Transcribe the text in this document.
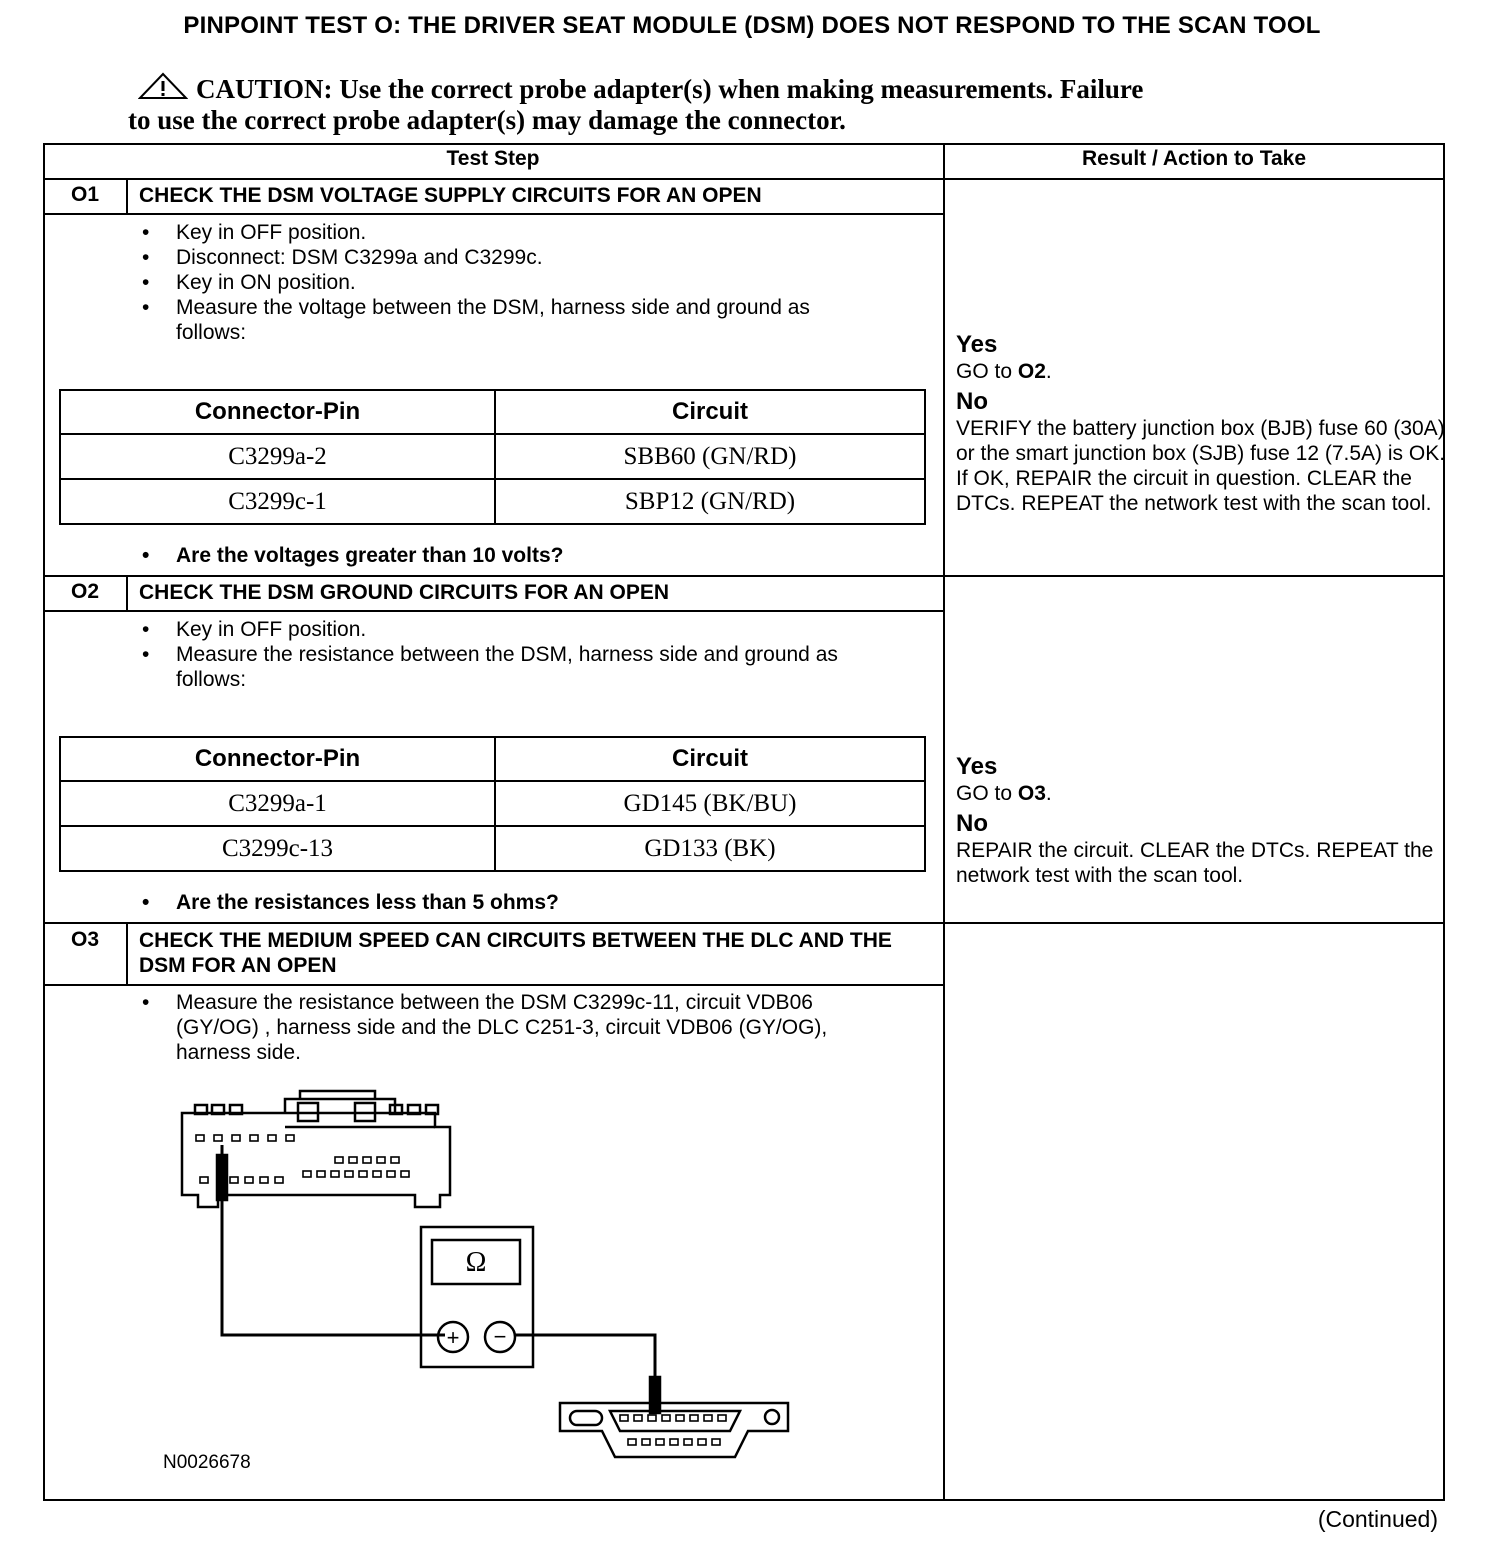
PINPOINT TEST O: THE DRIVER SEAT MODULE (DSM) DOES NOT RESPOND TO THE SCAN TOOL
CAUTION: Use the correct probe adapter(s) when making measurements. Failure
to use the correct probe adapter(s) may damage the connector.
Test Step	Result / Action to Take
O1	CHECK THE DSM VOLTAGE SUPPLY CIRCUITS FOR AN OPEN
• Key in OFF position.
• Disconnect: DSM C3299a and C3299c.
• Key in ON position.
• Measure the voltage between the DSM, harness side and ground as follows:
Connector-Pin	Circuit
C3299a-2	SBB60 (GN/RD)
C3299c-1	SBP12 (GN/RD)
• Are the voltages greater than 10 volts?
Yes
GO to O2.
No
VERIFY the battery junction box (BJB) fuse 60 (30A) or the smart junction box (SJB) fuse 12 (7.5A) is OK. If OK, REPAIR the circuit in question. CLEAR the DTCs. REPEAT the network test with the scan tool.
O2	CHECK THE DSM GROUND CIRCUITS FOR AN OPEN
• Key in OFF position.
• Measure the resistance between the DSM, harness side and ground as follows:
Connector-Pin	Circuit
C3299a-1	GD145 (BK/BU)
C3299c-13	GD133 (BK)
• Are the resistances less than 5 ohms?
Yes
GO to O3.
No
REPAIR the circuit. CLEAR the DTCs. REPEAT the network test with the scan tool.
O3	CHECK THE MEDIUM SPEED CAN CIRCUITS BETWEEN THE DLC AND THE DSM FOR AN OPEN
• Measure the resistance between the DSM C3299c-11, circuit VDB06 (GY/OG) , harness side and the DLC C251-3, circuit VDB06 (GY/OG), harness side.
Ω
+ −
N0026678
(Continued)
